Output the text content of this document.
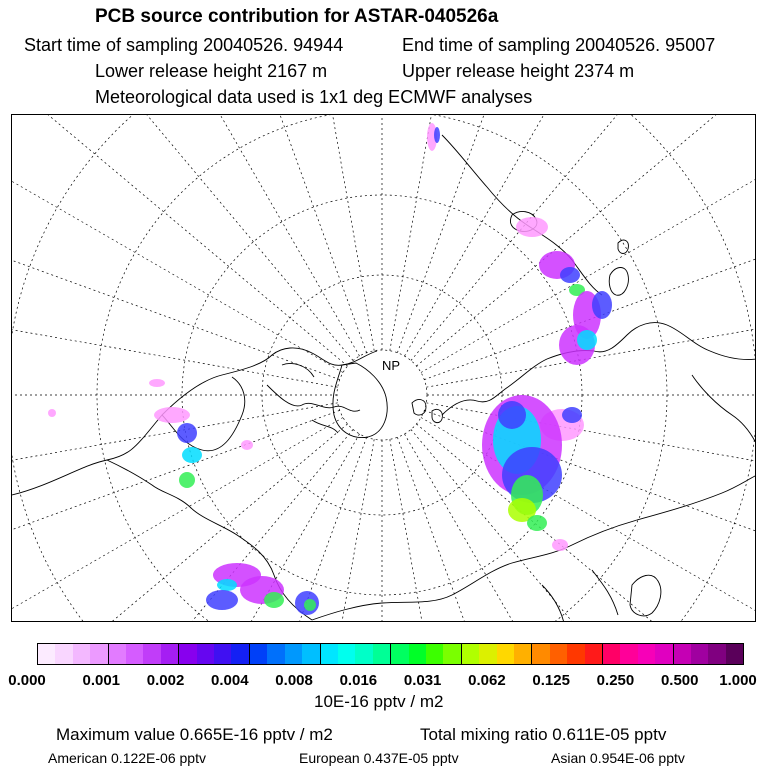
PCB source contribution for ASTAR-040526a
Start time of sampling 20040526. 94944	End time of sampling 20040526. 95007
Lower release height 2167 m	Upper release height 2374 m
Meteorological data used is 1x1 deg ECMWF analyses
NP
0.000 0.001 0.002 0.004 0.008 0.016 0.031 0.062 0.125 0.250 0.500 1.000
10E-16 pptv / m2
Maximum value 0.665E-16 pptv / m2	Total mixing ratio 0.611E-05 pptv
American 0.122E-06 pptv	European 0.437E-05 pptv	Asian 0.954E-06 pptv
